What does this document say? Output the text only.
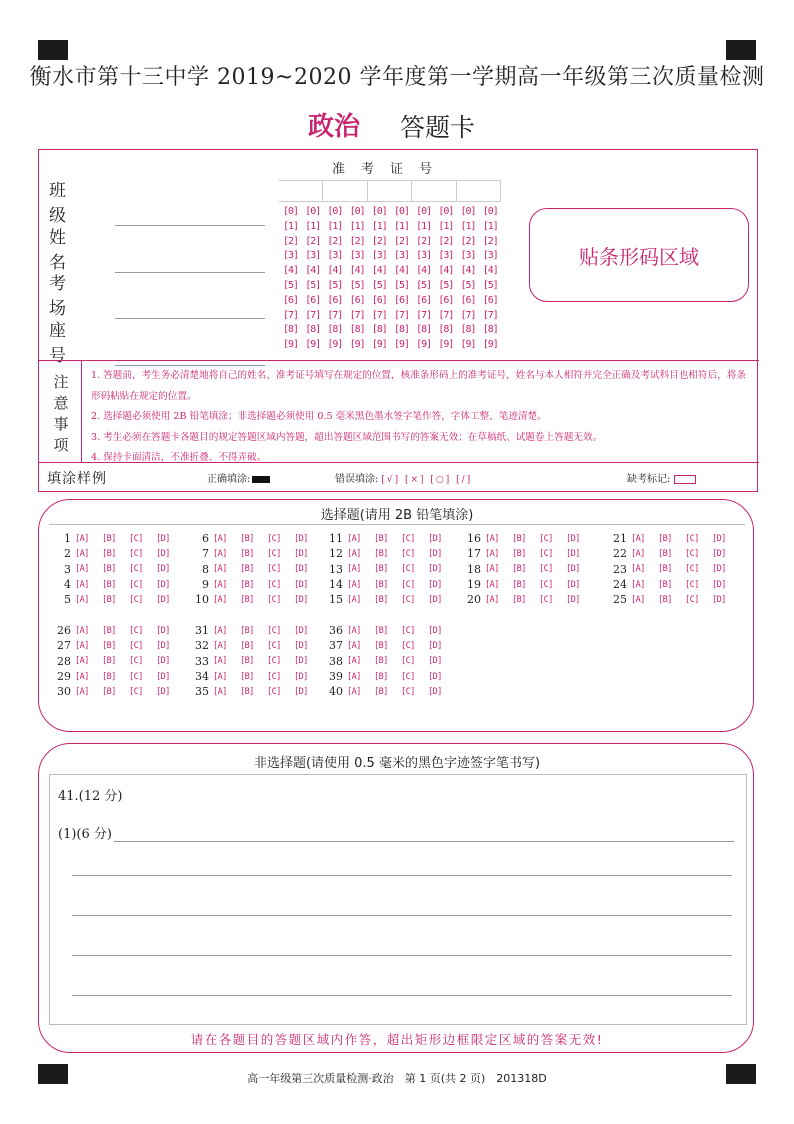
衡水市第十三中学 2019~2020 学年度第一学期高一年级第三次质量检测
政治 答题卡
班 级
姓 名
考 场
座 号
准考证号
[0] [0] [0] [0] [0] [0] [0] [0] [0] [0]
[1] [1] [1] [1] [1] [1] [1] [1] [1] [1]
[2] [2] [2] [2] [2] [2] [2] [2] [2] [2]
[3] [3] [3] [3] [3] [3] [3] [3] [3] [3]
[4] [4] [4] [4] [4] [4] [4] [4] [4] [4]
[5] [5] [5] [5] [5] [5] [5] [5] [5] [5]
[6] [6] [6] [6] [6] [6] [6] [6] [6] [6]
[7] [7] [7] [7] [7] [7] [7] [7] [7] [7]
[8] [8] [8] [8] [8] [8] [8] [8] [8] [8]
[9] [9] [9] [9] [9] [9] [9] [9] [9] [9]
贴条形码区域
注意事项
1. 答题前，考生务必清楚地将自己的姓名、准考证号填写在规定的位置，核准条形码上的准考证号，姓名与本人相符并完全正确及考试科目也相符后，将条形码粘贴在规定的位置。
2. 选择题必须使用 2B 铅笔填涂；非选择题必须使用 0.5 毫米黑色墨水签字笔作答，字体工整、笔迹清楚。
3. 考生必须在答题卡各题目的规定答题区域内答题，超出答题区域范围书写的答案无效；在草稿纸、试题卷上答题无效。
4. 保持卡面清洁，不准折叠、不得弄破。
填涂样例	正确填涂:	错误填涂: [√] [×] [○] [/]	缺考标记:
选择题(请用 2B 铅笔填涂)
1 [A]	[B]	[C]	[D]
2 [A]	[B]	[C]	[D]
3 [A]	[B]	[C]	[D]
4 [A]	[B]	[C]	[D]
5 [A]	[B]	[C]	[D]
6 [A]	[B]	[C]	[D]
7 [A]	[B]	[C]	[D]
8 [A]	[B]	[C]	[D]
9 [A]	[B]	[C]	[D]
10 [A]	[B]	[C]	[D]
11 [A]	[B]	[C]	[D]
12 [A]	[B]	[C]	[D]
13 [A]	[B]	[C]	[D]
14 [A]	[B]	[C]	[D]
15 [A]	[B]	[C]	[D]
16 [A]	[B]	[C]	[D]
17 [A]	[B]	[C]	[D]
18 [A]	[B]	[C]	[D]
19 [A]	[B]	[C]	[D]
20 [A]	[B]	[C]	[D]
21 [A]	[B]	[C]	[D]
22 [A]	[B]	[C]	[D]
23 [A]	[B]	[C]	[D]
24 [A]	[B]	[C]	[D]
25 [A]	[B]	[C]	[D]
26 [A]	[B]	[C]	[D]
27 [A]	[B]	[C]	[D]
28 [A]	[B]	[C]	[D]
29 [A]	[B]	[C]	[D]
30 [A]	[B]	[C]	[D]
31 [A]	[B]	[C]	[D]
32 [A]	[B]	[C]	[D]
33 [A]	[B]	[C]	[D]
34 [A]	[B]	[C]	[D]
35 [A]	[B]	[C]	[D]
36 [A]	[B]	[C]	[D]
37 [A]	[B]	[C]	[D]
38 [A]	[B]	[C]	[D]
39 [A]	[B]	[C]	[D]
40 [A]	[B]	[C]	[D]
非选择题(请使用 0.5 毫米的黑色字迹签字笔书写)
41.(12 分)
(1)(6 分)
请在各题目的答题区域内作答，超出矩形边框限定区域的答案无效!
高一年级第三次质量检测·政治　第 1 页(共 2 页)　201318D
